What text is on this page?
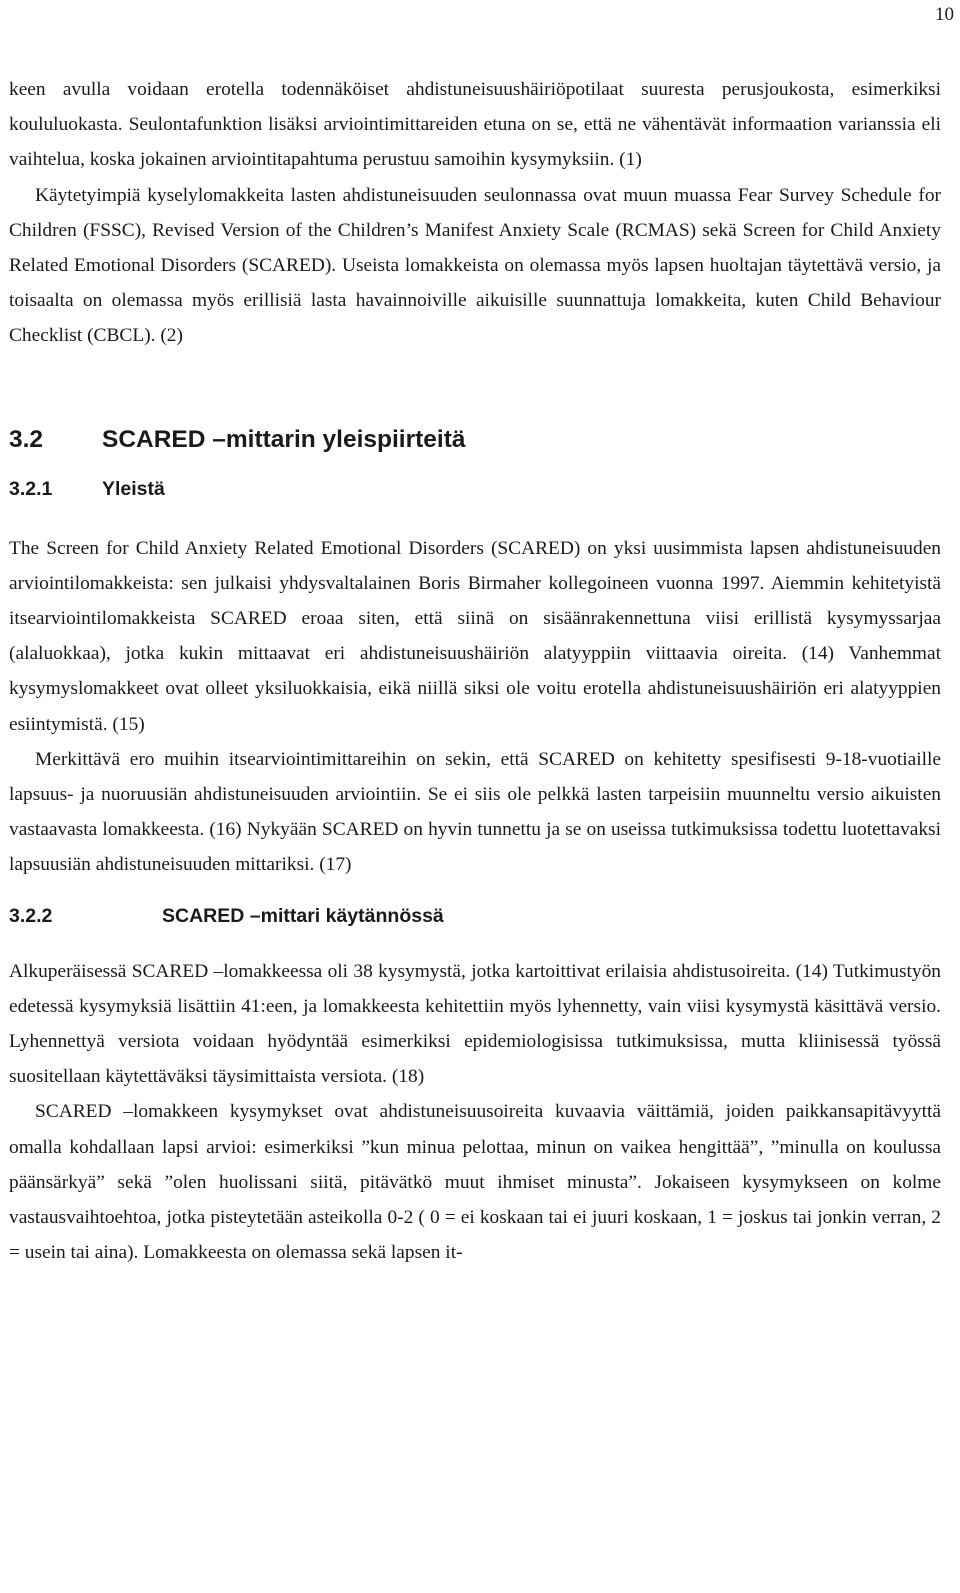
10

keen avulla voidaan erotella todennäköiset ahdistuneisuushäiriöpotilaat suuresta perusjoukosta, esimerkiksi koululuokasta. Seulontafunktion lisäksi arviointimittareiden etuna on se, että ne vähentävät informaation varianssia eli vaihtelua, koska jokainen arviointitapahtuma perustuu samoihin kysymyksiin. (1)

Käytetyimpiä kyselylomakkeita lasten ahdistuneisuuden seulonnassa ovat muun muassa Fear Survey Schedule for Children (FSSC), Revised Version of the Children’s Manifest Anxiety Scale (RCMAS) sekä Screen for Child Anxiety Related Emotional Disorders (SCARED). Useista lomakkeista on olemassa myös lapsen huoltajan täytettävä versio, ja toisaalta on olemassa myös erillisiä lasta havainnoiville aikuisille suunnattuja lomakkeita, kuten Child Behaviour Checklist (CBCL). (2)

3.2	SCARED –mittarin yleispiirteitä
3.2.1	Yleistä

The Screen for Child Anxiety Related Emotional Disorders (SCARED) on yksi uusimmista lapsen ahdistuneisuuden arviointilomakkeista: sen julkaisi yhdysvaltalainen Boris Birmaher kollegoineen vuonna 1997. Aiemmin kehitetyistä itsearviointilomakkeista SCARED eroaa siten, että siinä on sisäänrakennettuna viisi erillistä kysymyssarjaa (alaluokkaa), jotka kukin mittaavat eri ahdistuneisuushäiriön alatyyppiin viittaavia oireita. (14) Vanhemmat kysymyslomakkeet ovat olleet yksiluokkaisia, eikä niillä siksi ole voitu erotella ahdistuneisuushäiriön eri alatyyppien esiintymistä. (15)

Merkittävä ero muihin itsearviointimittareihin on sekin, että SCARED on kehitetty spesifisesti 9-18-vuotiaille lapsuus- ja nuoruusiän ahdistuneisuuden arviointiin. Se ei siis ole pelkkä lasten tarpeisiin muunneltu versio aikuisten vastaavasta lomakkeesta. (16) Nykyään SCARED on hyvin tunnettu ja se on useissa tutkimuksissa todettu luotettavaksi lapsuusiän ahdistuneisuuden mittariksi. (17)

3.2.2	SCARED –mittari käytännössä

Alkuperäisessä SCARED –lomakkeessa oli 38 kysymystä, jotka kartoittivat erilaisia ahdistusoireita. (14) Tutkimustyön edetessä kysymyksiä lisättiin 41:een, ja lomakkeesta kehitettiin myös lyhennetty, vain viisi kysymystä käsittävä versio. Lyhennettyä versiota voidaan hyödyntää esimerkiksi epidemiologisissa tutkimuksissa, mutta kliinisessä työssä suositellaan käytettäväksi täysimittaista versiota. (18)

SCARED –lomakkeen kysymykset ovat ahdistuneisuusoireita kuvaavia väittämiä, joiden paikkansapitävyyttä omalla kohdallaan lapsi arvioi: esimerkiksi ”kun minua pelottaa, minun on vaikea hengittää”, ”minulla on koulussa päänsärkyä” sekä ”olen huolissani siitä, pitävätkö muut ihmiset minusta”. Jokaiseen kysymykseen on kolme vastausvaihtoehtoa, jotka pisteytetään asteikolla 0-2 ( 0 = ei koskaan tai ei juuri koskaan, 1 = joskus tai jonkin verran, 2 = usein tai aina). Lomakkeesta on olemassa sekä lapsen it-
